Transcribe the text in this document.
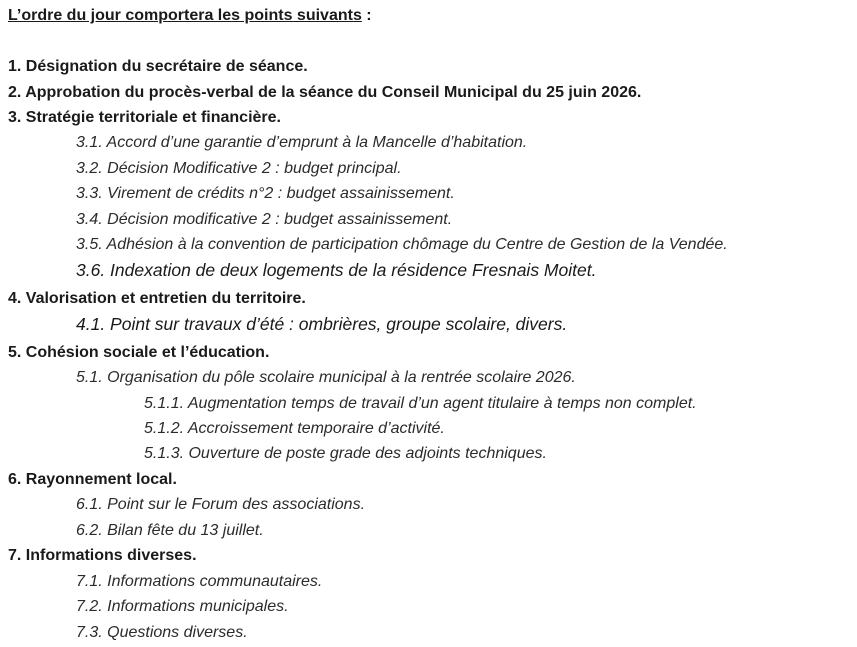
L’ordre du jour comportera les points suivants :
1. Désignation du secrétaire de séance.
2. Approbation du procès-verbal de la séance du Conseil Municipal du 25 juin 2026.
3. Stratégie territoriale et financière.
3.1. Accord d’une garantie d’emprunt à la Mancelle d’habitation.
3.2. Décision Modificative 2 : budget principal.
3.3. Virement de crédits n°2 : budget assainissement.
3.4. Décision modificative 2 : budget assainissement.
3.5. Adhésion à la convention de participation chômage du Centre de Gestion de la Vendée.
3.6. Indexation de deux logements de la résidence Fresnais Moitet.
4. Valorisation et entretien du territoire.
4.1. Point sur travaux d’été : ombrières, groupe scolaire, divers.
5. Cohésion sociale et l’éducation.
5.1. Organisation du pôle scolaire municipal à la rentrée scolaire 2026.
5.1.1. Augmentation temps de travail d’un agent titulaire à temps non complet.
5.1.2. Accroissement temporaire d’activité.
5.1.3. Ouverture de poste grade des adjoints techniques.
6. Rayonnement local.
6.1. Point sur le Forum des associations.
6.2. Bilan fête du 13 juillet.
7. Informations diverses.
7.1. Informations communautaires.
7.2. Informations municipales.
7.3. Questions diverses.
